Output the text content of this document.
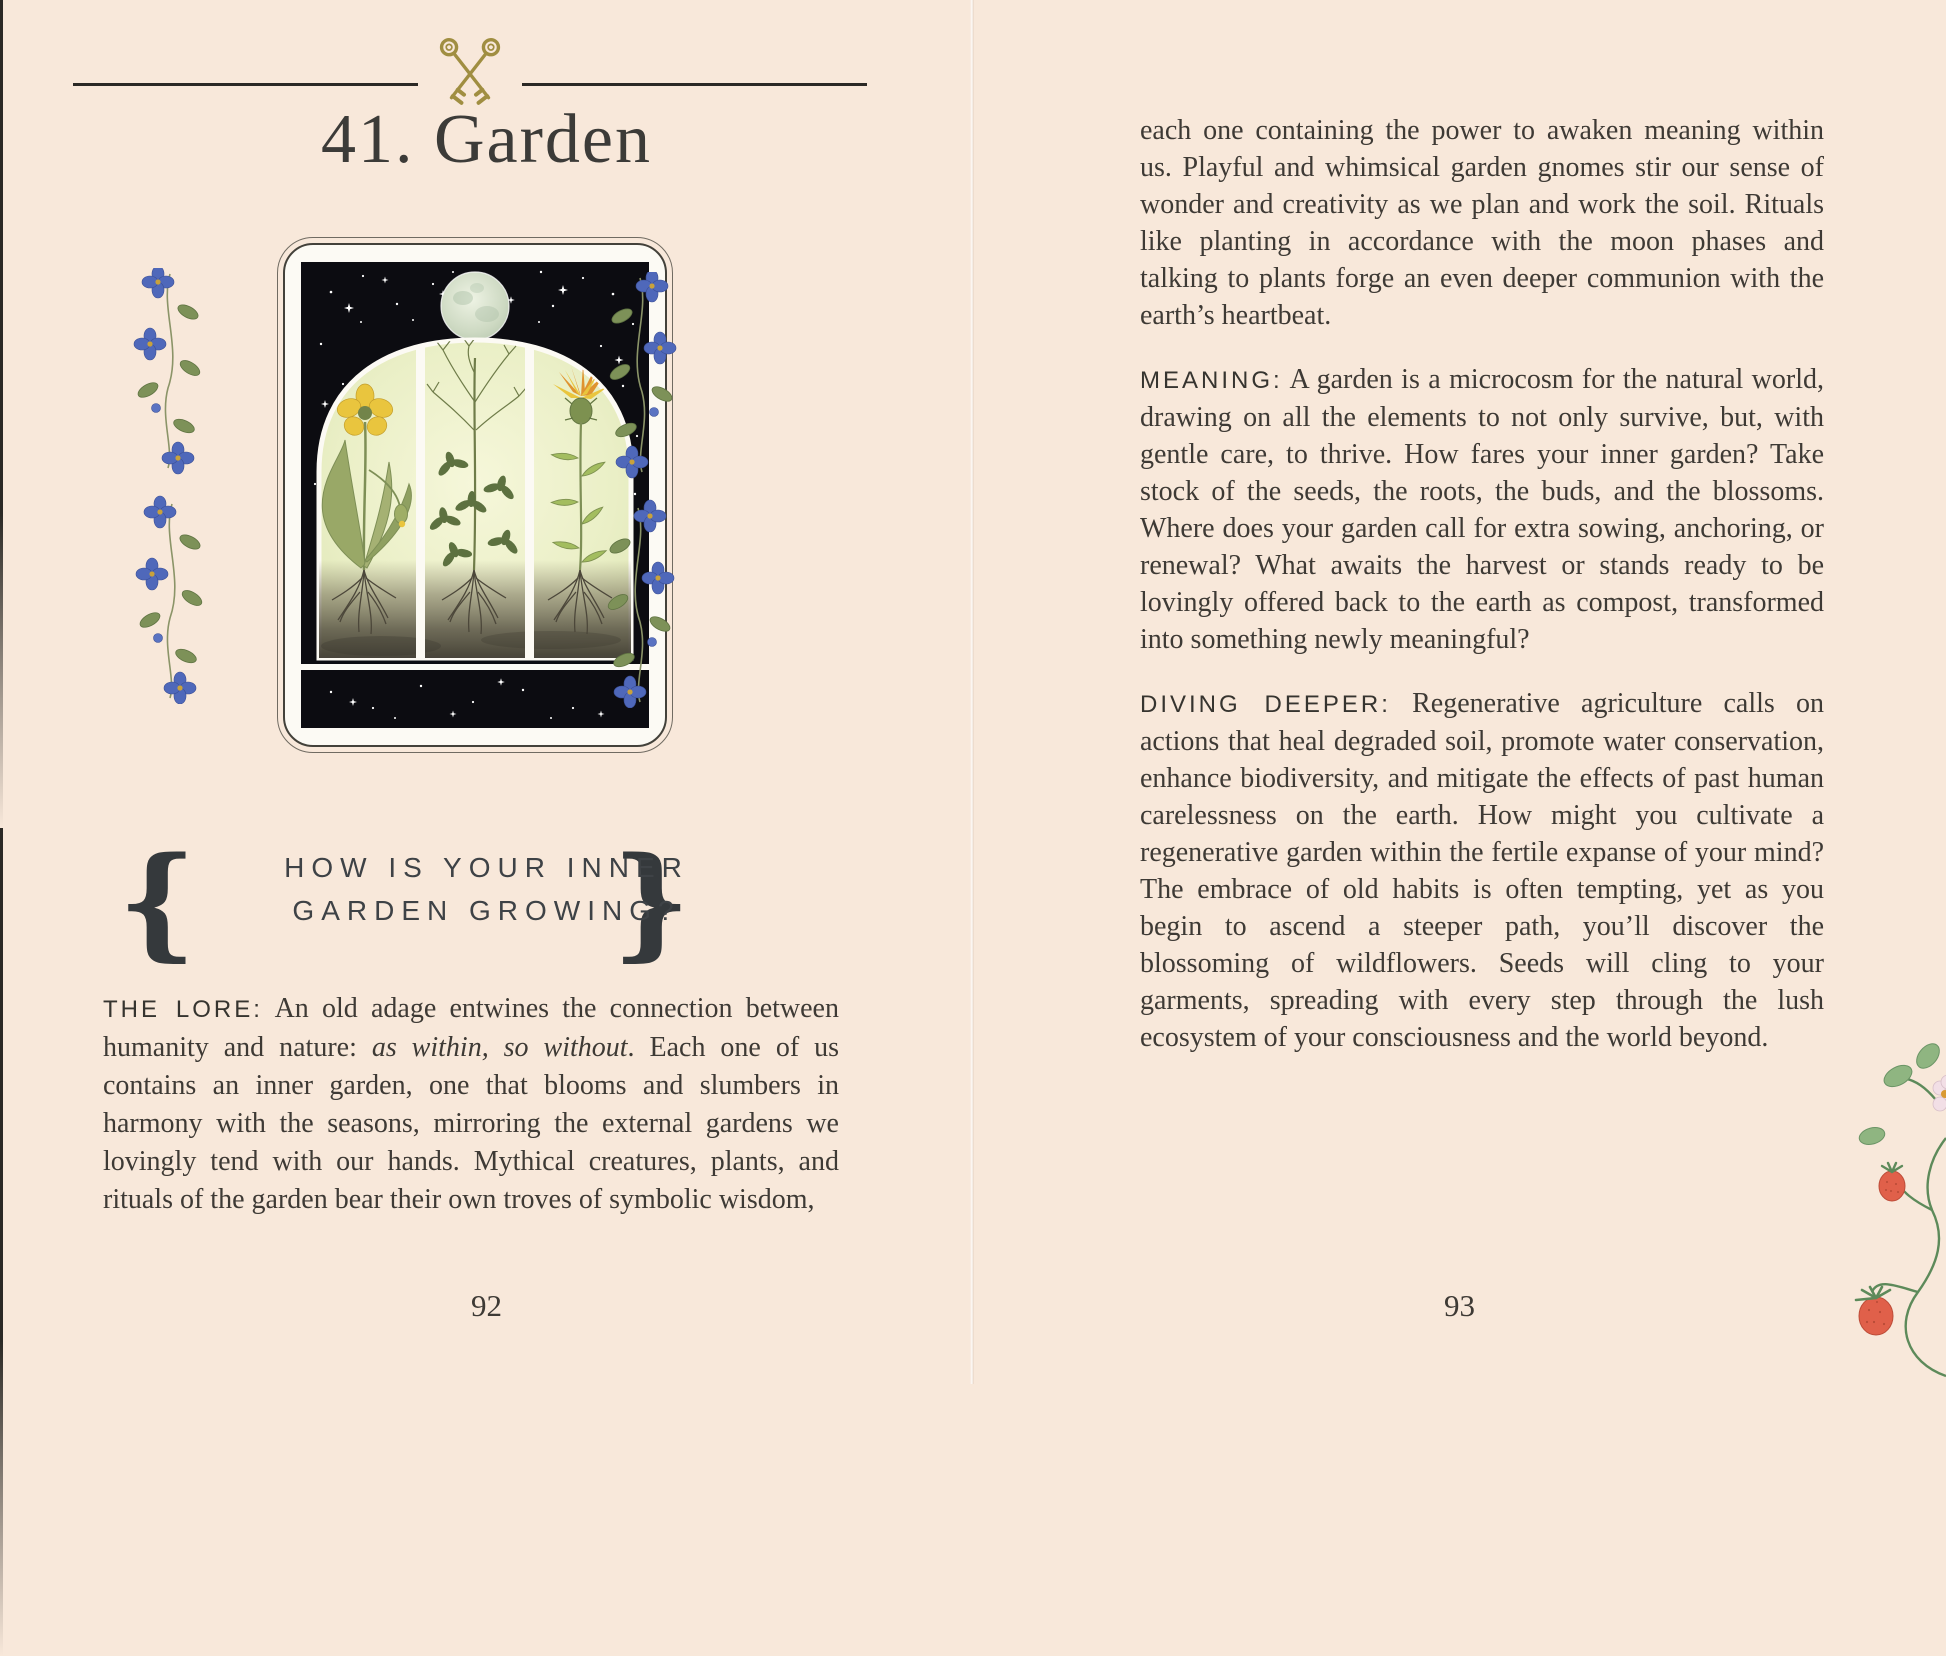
41. Garden
{	}
HOW IS YOUR INNER
GARDEN GROWING?

THE LORE: An old adage entwines the connection between humanity and nature: as within, so without. Each one of us contains an inner garden, one that blooms and slumbers in harmony with the seasons, mirroring the external gardens we lovingly tend with our hands. Mythical creatures, plants, and rituals of the garden bear their own troves of symbolic wisdom,

92

each one containing the power to awaken meaning within us. Playful and whimsical garden gnomes stir our sense of wonder and creativity as we plan and work the soil. Rituals like planting in accordance with the moon phases and talking to plants forge an even deeper communion with the earth’s heartbeat.

MEANING: A garden is a microcosm for the natural world, drawing on all the elements to not only survive, but, with gentle care, to thrive. How fares your inner garden? Take stock of the seeds, the roots, the buds, and the blossoms. Where does your garden call for extra sowing, anchoring, or renewal? What awaits the harvest or stands ready to be lovingly offered back to the earth as compost, transformed into something newly meaningful?

DIVING DEEPER: Regenerative agriculture calls on actions that heal degraded soil, promote water conservation, enhance biodiversity, and mitigate the effects of past human carelessness on the earth. How might you cultivate a regenerative garden within the fertile expanse of your mind? The embrace of old habits is often tempting, yet as you begin to ascend a steeper path, you’ll discover the blossoming of wildflowers. Seeds will cling to your garments, spreading with every step through the lush ecosystem of your consciousness and the world beyond.

93
